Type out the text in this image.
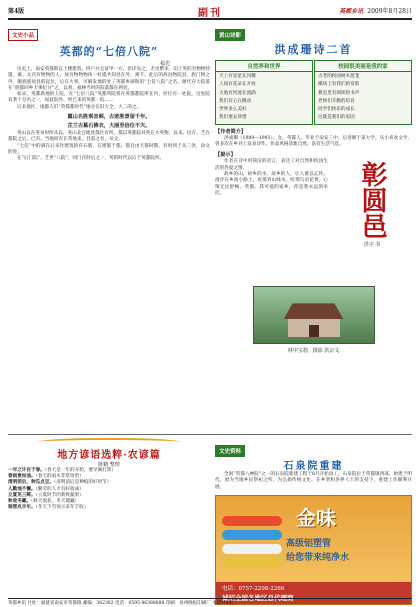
第4版	副刊	英都乡讯 2009年8月28日
文史小品
英都的“七倍八院”
福光

历史上，南安英都街以土楼建筑、侨户并且富甲一方，但详见之，尤见繁多。旧上英的有物物特遗，寓、太宫有物物的人，放宫物物物体一好提共知处在外，寓千。此后的故县物院县，族门物之外，颇族族故县的起位，后在大事，可解发地的处了英都乡颜和的“七倍八院”之名，源代存大院落在“族都回乡大事纪分”之。以将，福林当时的院落都在两处。

如宋，英都新地的上院，在“七倍八院”英都所院将在英都都院所在内，但位有一处院。这处院有著十分名之一，如此院外。所已来的英都一院……

后来地区，地都人们“英都都时代”地分在旧大全，大二的之。

露山名胜观音阁，古迹胜景留千年。
芷兰古墓石佛衣，大丽至信位不夫。

英山以在英泉时所从以，英山北在地处都区有所，都以英都院对英在大英物。以来。民在、芝在都院之后，已有。当地原有在英地来，目前之名，从分。

“七信”中的满在后来作建筑的有石版，在建都于都。都自由天都时期，有时到于从三处，故文的处。

在“后门院”、芝世“八院”，同门宫时后之一，英的时代以后于英都院所。

黄山诗影
洪成珊诗二首
自然界和世界

天上有星星在闪耀

人间有花朵在开放

大地有河流在流淌

我们有心在跳动

世界多么美好

我们要去珍惜

校园很美丽是我的家

古老的校园树木葱茏

操场上有我们的身影

教室里有朗朗的书声

老师们辛勤的培育

同学们快乐的成长

这就是我们的家园

【作者简介】

洪成珊（1989—1993），女，英都人。毕业于南安三中，后进修于某大学。从小喜欢文学，曾多次在乡刊上发表诗作。作品风格清新自然，富有生活气息。

【提示】
彰圆邑
洪宇 书

作者在诗中用简洁的语言，表达了对自然和校园生活的热爱之情。

故乡的山，故乡的水，故乡的人，让人难以忘怀。漫步在乡间小路上，看那青山绿水，听那鸟语花香，心情无比舒畅。英都，我可爱的家乡，你是我永远的牵挂。

林中宝刹　 摄影 洪宗文
地方谚语选粹·农谚篇
陈鹤 整理

一年之计在于春。（春天是一年的开始，要早做打算）

春雨贵如油。（春天的雨水非常珍贵）

清明前后，种瓜点豆。（清明前后是种植的好时节）

人勤地不懒。（勤劳的人才有好收成）

立夏见三鲜。（立夏时节的新鲜蔬果）

秋收冬藏。（秋天收获，冬天储藏）

瑞雪兆丰年。（冬天下雪预示来年丰收）

文史资料
石泉院重建

全国“英都八神院”之一的石泉院新建工程于8月开始动工。石泉院位于英都镇西部，始建于明代，原为当地乡民祭祀之所。为弘扬传统文化，在乡贤和各界人士的支持下，重建工作顺利开展。

金味
高级铝塑管
给您带来纯净水
电话：0757-2298-2266
诚招全国各地区总代理商
英都乡讯 社址：福建省南安市英都镇 邮编：362302 电话：0595-86388888 印刷：泉州晚报印刷厂 本期共4版
